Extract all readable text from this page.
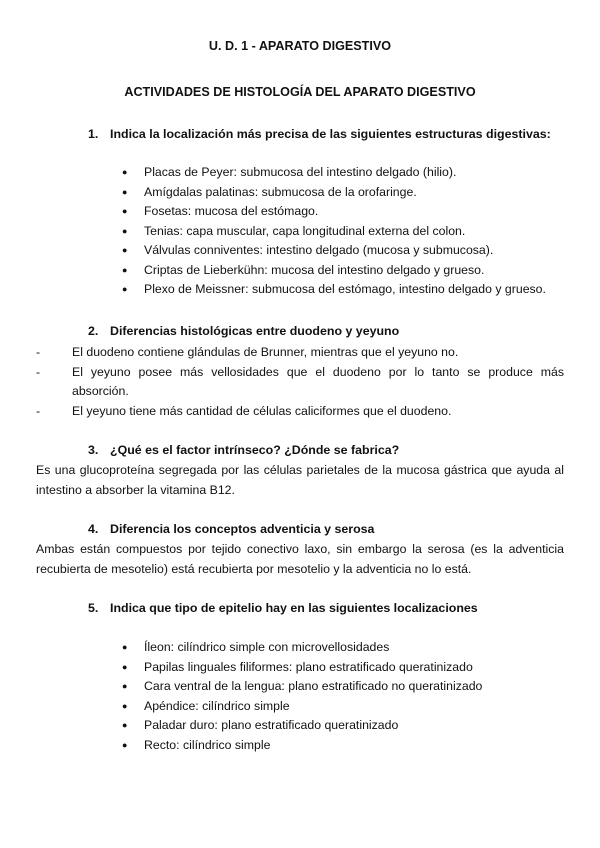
U. D. 1 - APARATO DIGESTIVO
ACTIVIDADES DE HISTOLOGÍA DEL APARATO DIGESTIVO
1. Indica la localización más precisa de las siguientes estructuras digestivas:
● Placas de Peyer: submucosa del intestino delgado (hilio).
● Amígdalas palatinas: submucosa de la orofaringe.
● Fosetas: mucosa del estómago.
● Tenias: capa muscular, capa longitudinal externa del colon.
● Válvulas conniventes: intestino delgado (mucosa y submucosa).
● Criptas de Lieberkühn: mucosa del intestino delgado y grueso.
● Plexo de Meissner: submucosa del estómago, intestino delgado y grueso.
2. Diferencias histológicas entre duodeno y yeyuno
- El duodeno contiene glándulas de Brunner, mientras que el yeyuno no.
- El yeyuno posee más vellosidades que el duodeno por lo tanto se produce más absorción.
- El yeyuno tiene más cantidad de células caliciformes que el duodeno.
3. ¿Qué es el factor intrínseco? ¿Dónde se fabrica?

Es una glucoproteína segregada por las células parietales de la mucosa gástrica que ayuda al intestino a absorber la vitamina B12.

4. Diferencia los conceptos adventicia y serosa

Ambas están compuestos por tejido conectivo laxo, sin embargo la serosa (es la adventicia recubierta de mesotelio) está recubierta por mesotelio y la adventicia no lo está.

5. Indica que tipo de epitelio hay en las siguientes localizaciones
● Íleon: cilíndrico simple con microvellosidades
● Papilas linguales filiformes: plano estratificado queratinizado
● Cara ventral de la lengua: plano estratificado no queratinizado
● Apéndice: cilíndrico simple
● Paladar duro: plano estratificado queratinizado
● Recto: cilíndrico simple
